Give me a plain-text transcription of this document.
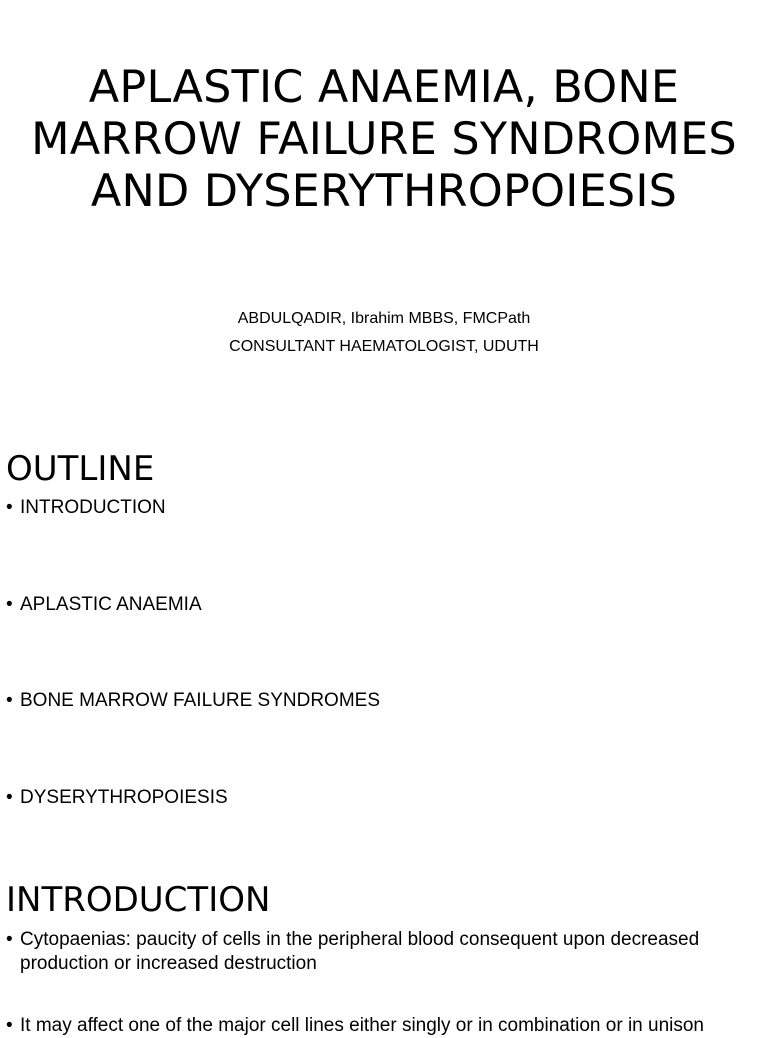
APLASTIC ANAEMIA, BONE
MARROW FAILURE SYNDROMES
AND DYSERYTHROPOIESIS
ABDULQADIR, Ibrahim MBBS, FMCPath
CONSULTANT HAEMATOLOGIST, UDUTH
OUTLINE
• INTRODUCTION
• APLASTIC ANAEMIA
• BONE MARROW FAILURE SYNDROMES
• DYSERYTHROPOIESIS
INTRODUCTION
• Cytopaenias: paucity of cells in the peripheral blood consequent upon decreased production or increased destruction
• It may affect one of the major cell lines either singly or in combination or in unison
